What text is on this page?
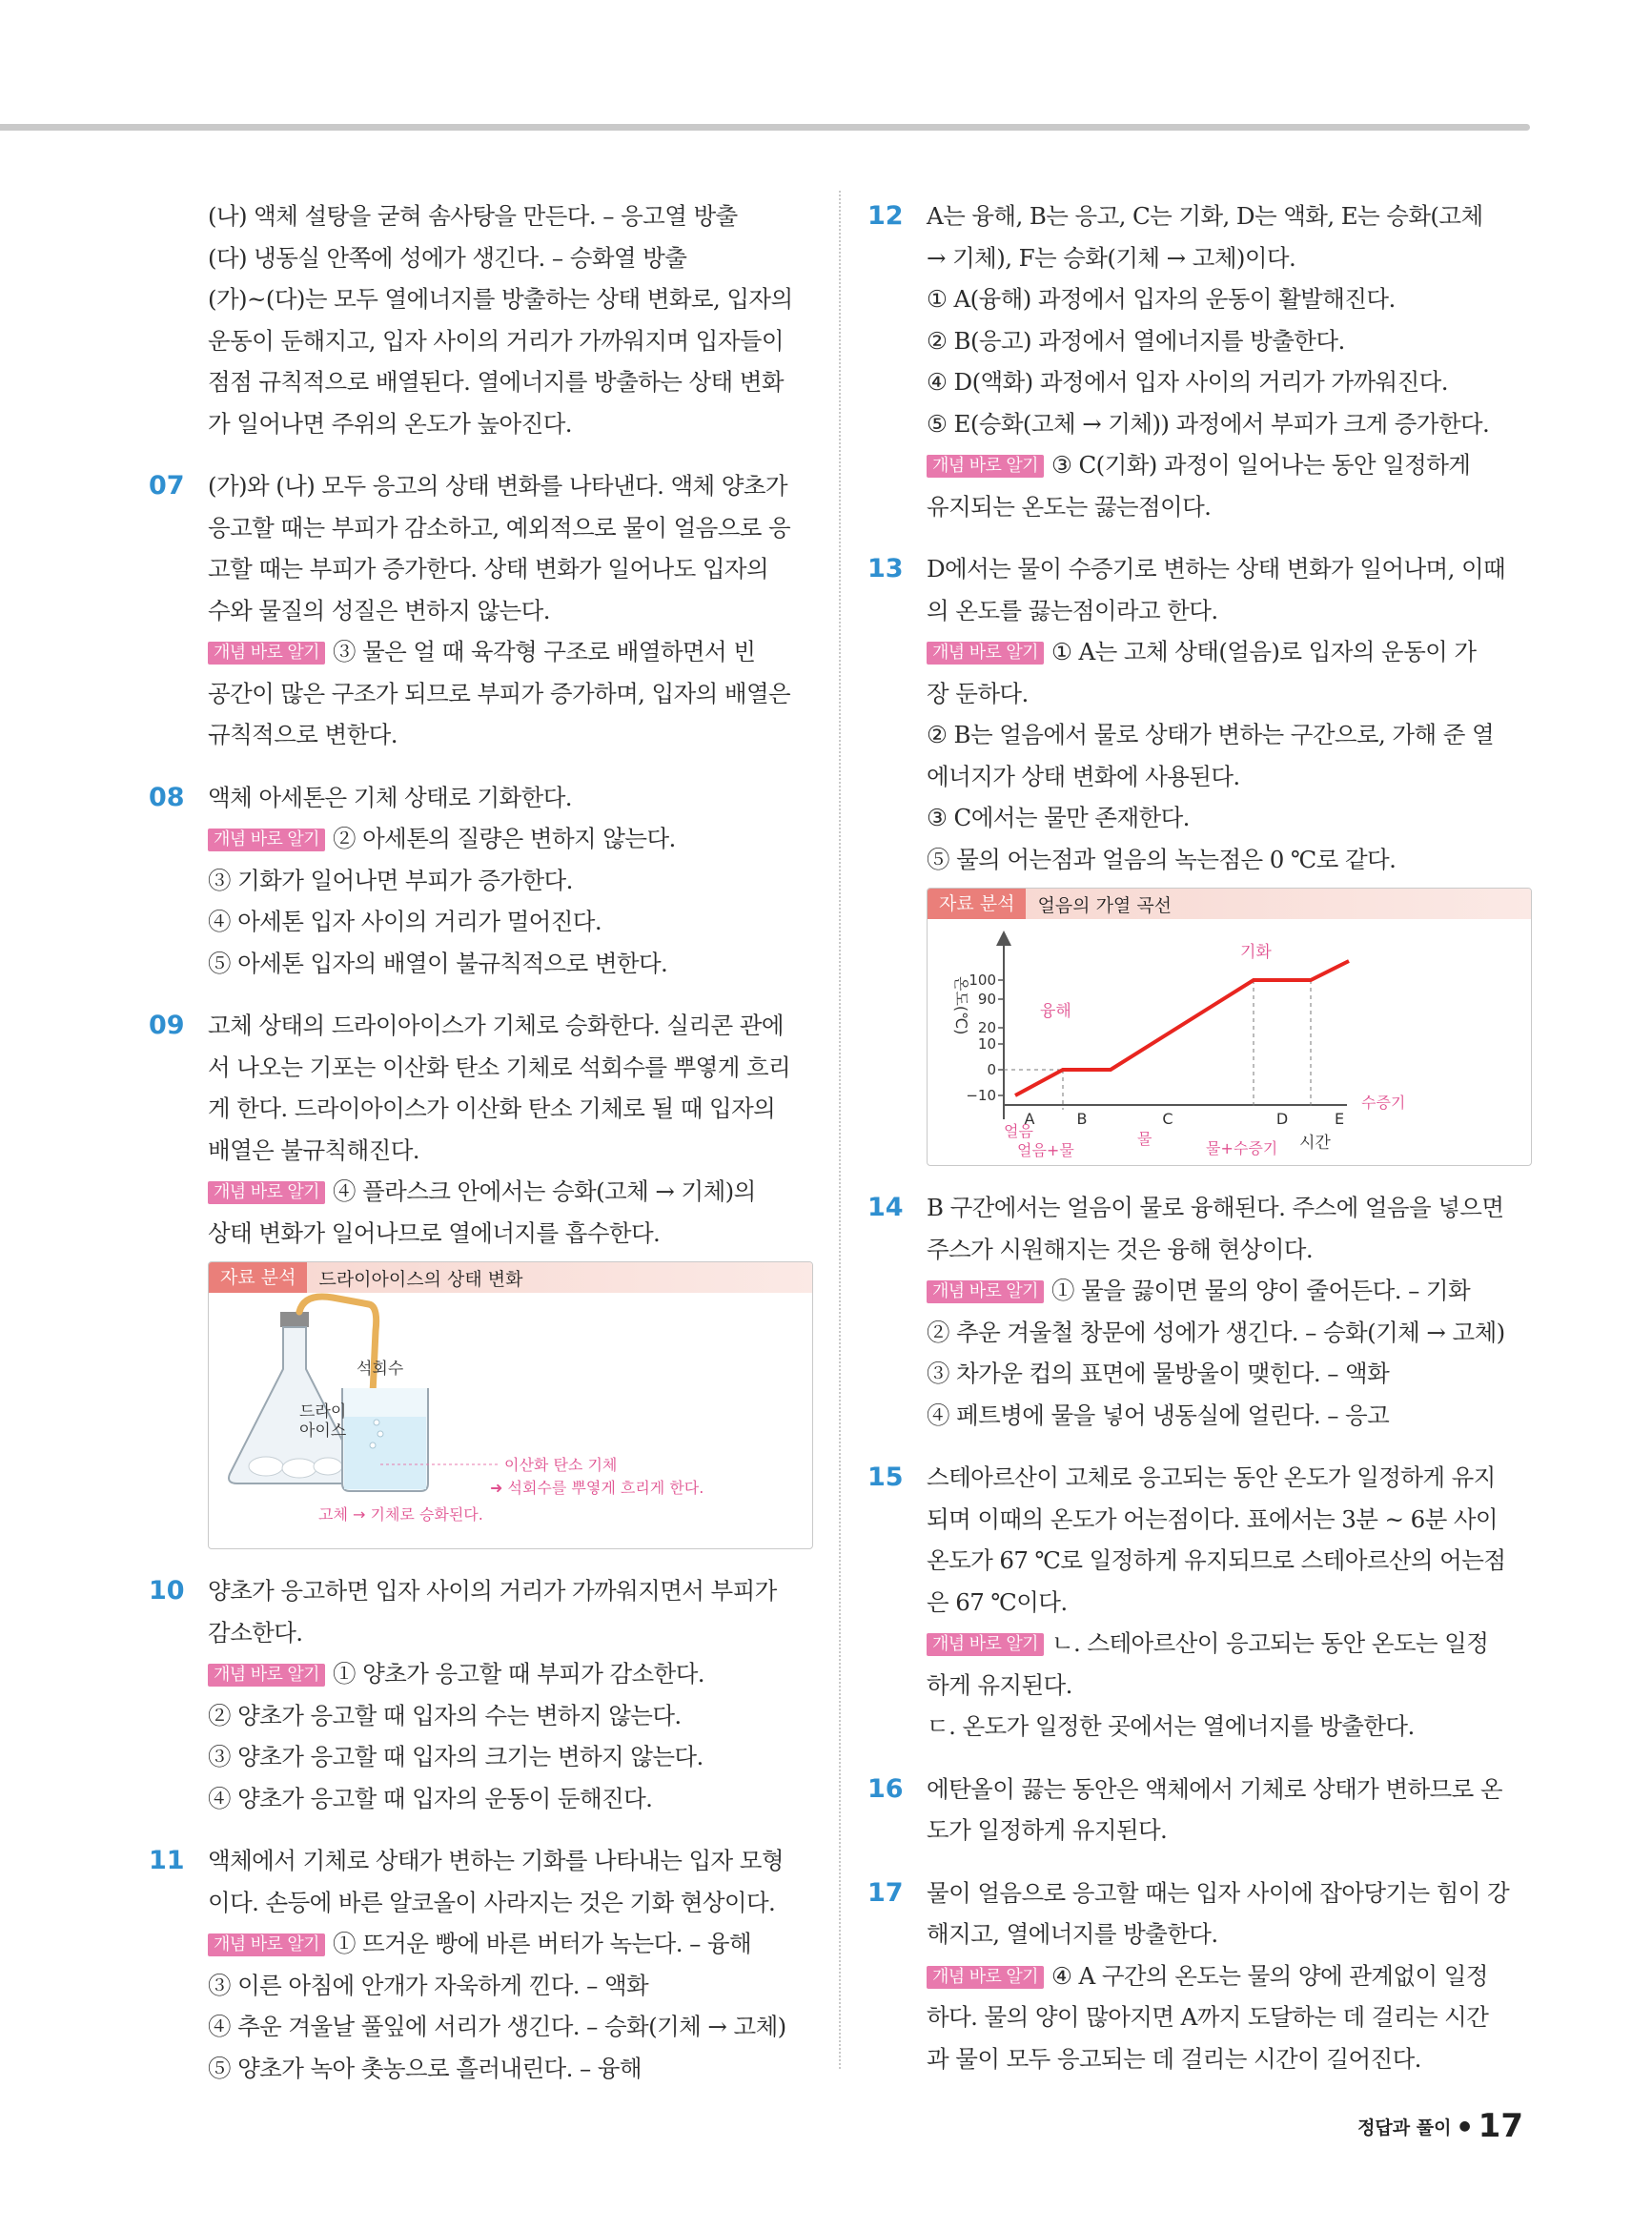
(나) 액체 설탕을 굳혀 솜사탕을 만든다. – 응고열 방출
(다) 냉동실 안쪽에 성에가 생긴다. – 승화열 방출
(가)~(다)는 모두 열에너지를 방출하는 상태 변화로, 입자의
운동이 둔해지고, 입자 사이의 거리가 가까워지며 입자들이
점점 규칙적으로 배열된다. 열에너지를 방출하는 상태 변화
가 일어나면 주위의 온도가 높아진다.
07 (가)와 (나) 모두 응고의 상태 변화를 나타낸다. 액체 양초가
응고할 때는 부피가 감소하고, 예외적으로 물이 얼음으로 응
고할 때는 부피가 증가한다. 상태 변화가 일어나도 입자의
수와 물질의 성질은 변하지 않는다.
개념 바로 알기 ③ 물은 얼 때 육각형 구조로 배열하면서 빈
공간이 많은 구조가 되므로 부피가 증가하며, 입자의 배열은
규칙적으로 변한다.
08 액체 아세톤은 기체 상태로 기화한다.
개념 바로 알기 ② 아세톤의 질량은 변하지 않는다.
③ 기화가 일어나면 부피가 증가한다.
④ 아세톤 입자 사이의 거리가 멀어진다.
⑤ 아세톤 입자의 배열이 불규칙적으로 변한다.
09 고체 상태의 드라이아이스가 기체로 승화한다. 실리콘 관에
서 나오는 기포는 이산화 탄소 기체로 석회수를 뿌옇게 흐리
게 한다. 드라이아이스가 이산화 탄소 기체로 될 때 입자의
배열은 불규칙해진다.
개념 바로 알기 ④ 플라스크 안에서는 승화(고체 → 기체)의
상태 변화가 일어나므로 열에너지를 흡수한다.
자료 분석	드라이아이스의 상태 변화
석회수
드라이
아이스
이산화 탄소 기체
➜ 석회수를 뿌옇게 흐리게 한다.
고체 → 기체로 승화된다.
10 양초가 응고하면 입자 사이의 거리가 가까워지면서 부피가
감소한다.
개념 바로 알기 ① 양초가 응고할 때 부피가 감소한다.
② 양초가 응고할 때 입자의 수는 변하지 않는다.
③ 양초가 응고할 때 입자의 크기는 변하지 않는다.
④ 양초가 응고할 때 입자의 운동이 둔해진다.
11 액체에서 기체로 상태가 변하는 기화를 나타내는 입자 모형
이다. 손등에 바른 알코올이 사라지는 것은 기화 현상이다.
개념 바로 알기 ① 뜨거운 빵에 바른 버터가 녹는다. – 융해
③ 이른 아침에 안개가 자욱하게 낀다. – 액화
④ 추운 겨울날 풀잎에 서리가 생긴다. – 승화(기체 → 고체)
⑤ 양초가 녹아 촛농으로 흘러내린다. – 융해
12 A는 융해, B는 응고, C는 기화, D는 액화, E는 승화(고체
→ 기체), F는 승화(기체 → 고체)이다.
① A(융해) 과정에서 입자의 운동이 활발해진다.
② B(응고) 과정에서 열에너지를 방출한다.
④ D(액화) 과정에서 입자 사이의 거리가 가까워진다.
⑤ E(승화(고체 → 기체)) 과정에서 부피가 크게 증가한다.
개념 바로 알기 ③ C(기화) 과정이 일어나는 동안 일정하게
유지되는 온도는 끓는점이다.
13 D에서는 물이 수증기로 변하는 상태 변화가 일어나며, 이때
의 온도를 끓는점이라고 한다.
개념 바로 알기 ① A는 고체 상태(얼음)로 입자의 운동이 가
장 둔하다.
② B는 얼음에서 물로 상태가 변하는 구간으로, 가해 준 열
에너지가 상태 변화에 사용된다.
③ C에서는 물만 존재한다.
⑤ 물의 어는점과 얼음의 녹는점은 0 ℃로 같다.
자료 분석	얼음의 가열 곡선
온도(℃)
시간
100
90
20
10
0
−10
A	B	C	D	E
융해
기화
얼음
얼음+물
물
물+수증기
수증기
14 B 구간에서는 얼음이 물로 융해된다. 주스에 얼음을 넣으면
주스가 시원해지는 것은 융해 현상이다.
개념 바로 알기 ① 물을 끓이면 물의 양이 줄어든다. – 기화
② 추운 겨울철 창문에 성에가 생긴다. – 승화(기체 → 고체)
③ 차가운 컵의 표면에 물방울이 맺힌다. – 액화
④ 페트병에 물을 넣어 냉동실에 얼린다. – 응고
15 스테아르산이 고체로 응고되는 동안 온도가 일정하게 유지
되며 이때의 온도가 어는점이다. 표에서는 3분 ~ 6분 사이
온도가 67 ℃로 일정하게 유지되므로 스테아르산의 어는점
은 67 ℃이다.
개념 바로 알기 ㄴ. 스테아르산이 응고되는 동안 온도는 일정
하게 유지된다.
ㄷ. 온도가 일정한 곳에서는 열에너지를 방출한다.
16 에탄올이 끓는 동안은 액체에서 기체로 상태가 변하므로 온
도가 일정하게 유지된다.
17 물이 얼음으로 응고할 때는 입자 사이에 잡아당기는 힘이 강
해지고, 열에너지를 방출한다.
개념 바로 알기 ④ A 구간의 온도는 물의 양에 관계없이 일정
하다. 물의 양이 많아지면 A까지 도달하는 데 걸리는 시간
과 물이 모두 응고되는 데 걸리는 시간이 길어진다.
정답과 풀이 ● 17
